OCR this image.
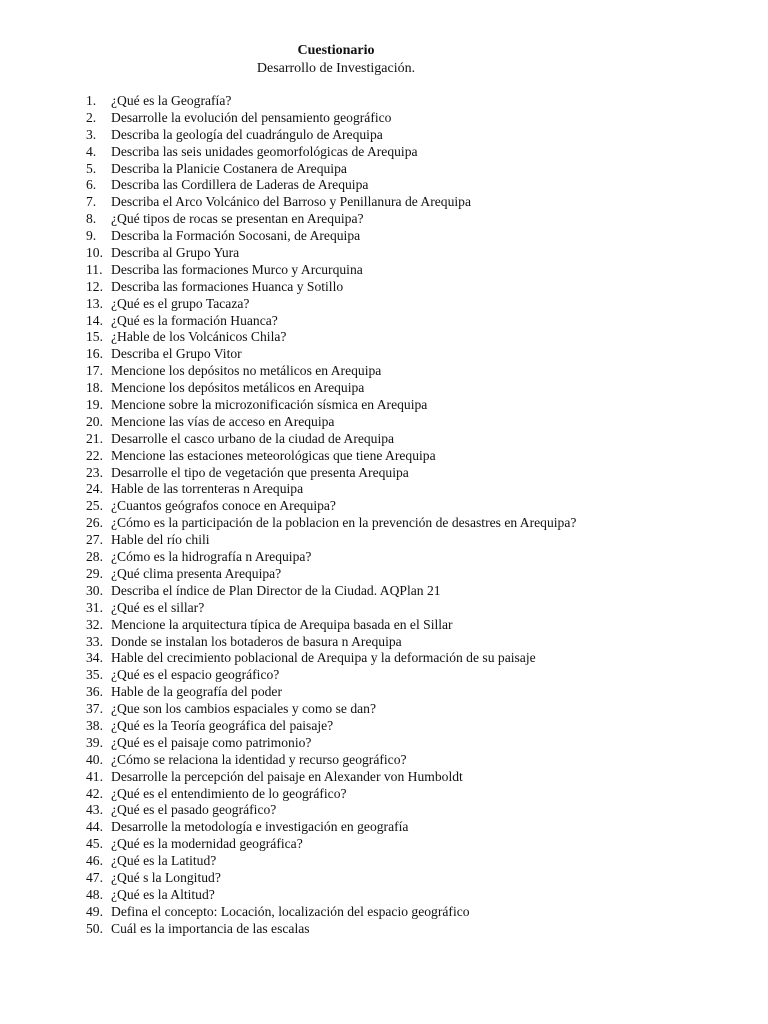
Cuestionario
Desarrollo de Investigación.
1.	¿Qué es la Geografía?
2.	Desarrolle la evolución del pensamiento geográfico
3.	Describa la geología del cuadrángulo de Arequipa
4.	Describa las seis unidades geomorfológicas de Arequipa
5.	Describa la Planicie Costanera de Arequipa
6.	Describa las Cordillera de Laderas de Arequipa
7.	Describa el Arco Volcánico del Barroso y Penillanura de Arequipa
8.	¿Qué tipos de rocas se presentan en Arequipa?
9.	Describa la Formación Socosani, de Arequipa
10. Describa al Grupo Yura
11. Describa las formaciones Murco y Arcurquina
12. Describa las formaciones Huanca y Sotillo
13. ¿Qué es el grupo Tacaza?
14. ¿Qué es la formación Huanca?
15. ¿Hable de los Volcánicos Chila?
16. Describa el Grupo Vitor
17. Mencione los depósitos no metálicos en Arequipa
18. Mencione los depósitos metálicos en Arequipa
19. Mencione sobre la microzonificación sísmica en Arequipa
20. Mencione las vías de acceso en Arequipa
21. Desarrolle el casco urbano de la ciudad de Arequipa
22. Mencione las estaciones meteorológicas que tiene Arequipa
23. Desarrolle el tipo de vegetación que presenta Arequipa
24. Hable de las torrenteras n Arequipa
25. ¿Cuantos geógrafos conoce en Arequipa?
26. ¿Cómo es la participación de la poblacion en la prevención de desastres en Arequipa?
27. Hable del río chili
28. ¿Cómo es la hidrografía n Arequipa?
29. ¿Qué clima presenta Arequipa?
30. Describa el índice de Plan Director de la Ciudad. AQPlan 21
31. ¿Qué es el sillar?
32. Mencione la arquitectura típica de Arequipa basada en el Sillar
33. Donde se instalan los botaderos de basura n Arequipa
34. Hable del crecimiento poblacional de Arequipa y la deformación de su paisaje
35. ¿Qué es el espacio geográfico?
36. Hable de la geografía del poder
37. ¿Que son los cambios espaciales y como se dan?
38. ¿Qué es la Teoría geográfica del paisaje?
39. ¿Qué es el paisaje como patrimonio?
40. ¿Cómo se relaciona la identidad y recurso geográfico?
41. Desarrolle la percepción del paisaje en Alexander von Humboldt
42. ¿Qué es el entendimiento de lo geográfico?
43. ¿Qué es el pasado geográfico?
44. Desarrolle la metodología e investigación en geografía
45. ¿Qué es la modernidad geográfica?
46. ¿Qué es la Latitud?
47. ¿Qué s la Longitud?
48. ¿Qué es la Altitud?
49. Defina el concepto: Locación, localización del espacio geográfico
50. Cuál es la importancia de las escalas
